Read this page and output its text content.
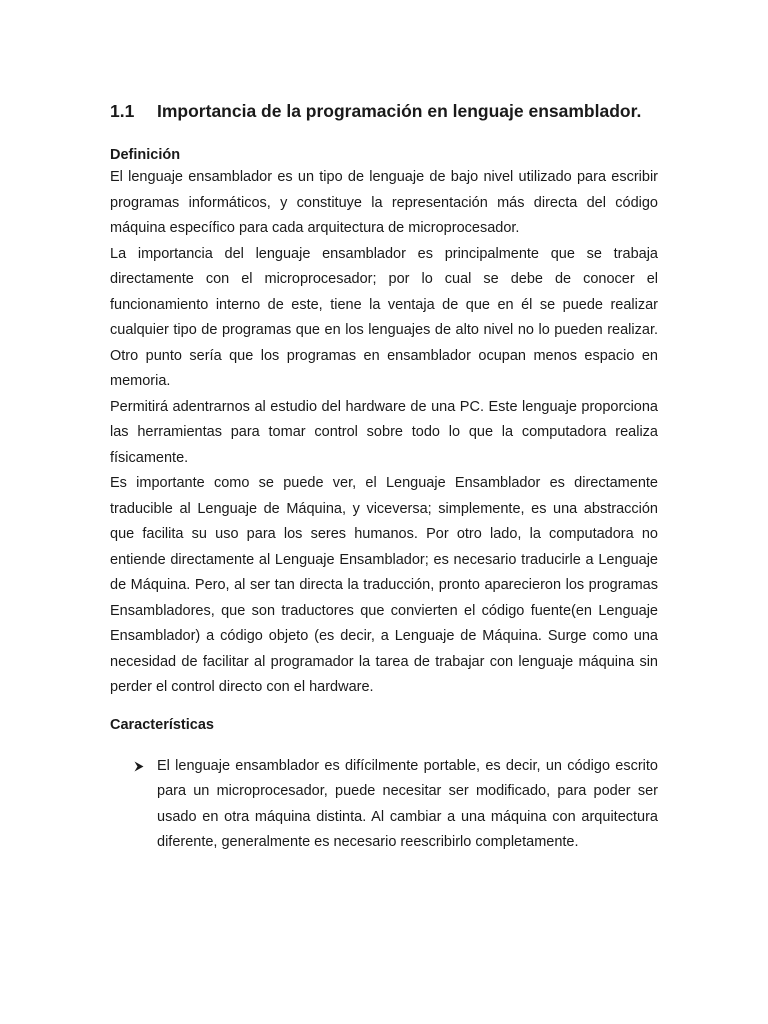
1.1	Importancia de la programación en lenguaje ensamblador.
Definición

El lenguaje ensamblador es un tipo de lenguaje de bajo nivel utilizado para escribir programas informáticos, y constituye la representación más directa del código máquina específico para cada arquitectura de microprocesador.

La importancia del lenguaje ensamblador es principalmente que se trabaja directamente con el microprocesador; por lo cual se debe de conocer el funcionamiento interno de este, tiene la ventaja de que en él se puede realizar cualquier tipo de programas que en los lenguajes de alto nivel no lo pueden realizar. Otro punto sería que los programas en ensamblador ocupan menos espacio en memoria.

Permitirá adentrarnos al estudio del hardware de una PC. Este lenguaje proporciona las herramientas para tomar control sobre todo lo que la computadora realiza físicamente.

Es importante como se puede ver, el Lenguaje Ensamblador es directamente traducible al Lenguaje de Máquina, y viceversa; simplemente, es una abstracción que facilita su uso para los seres humanos. Por otro lado, la computadora no entiende directamente al Lenguaje Ensamblador; es necesario traducirle a Lenguaje de Máquina. Pero, al ser tan directa la traducción, pronto aparecieron los programas Ensambladores, que son traductores que convierten el código fuente(en Lenguaje Ensamblador) a código objeto (es decir, a Lenguaje de Máquina. Surge como una necesidad de facilitar al programador la tarea de trabajar con lenguaje máquina sin perder el control directo con el hardware.

Características
El lenguaje ensamblador es difícilmente portable, es decir, un código escrito para un microprocesador, puede necesitar ser modificado, para poder ser usado en otra máquina distinta. Al cambiar a una máquina con arquitectura diferente, generalmente es necesario reescribirlo completamente.
